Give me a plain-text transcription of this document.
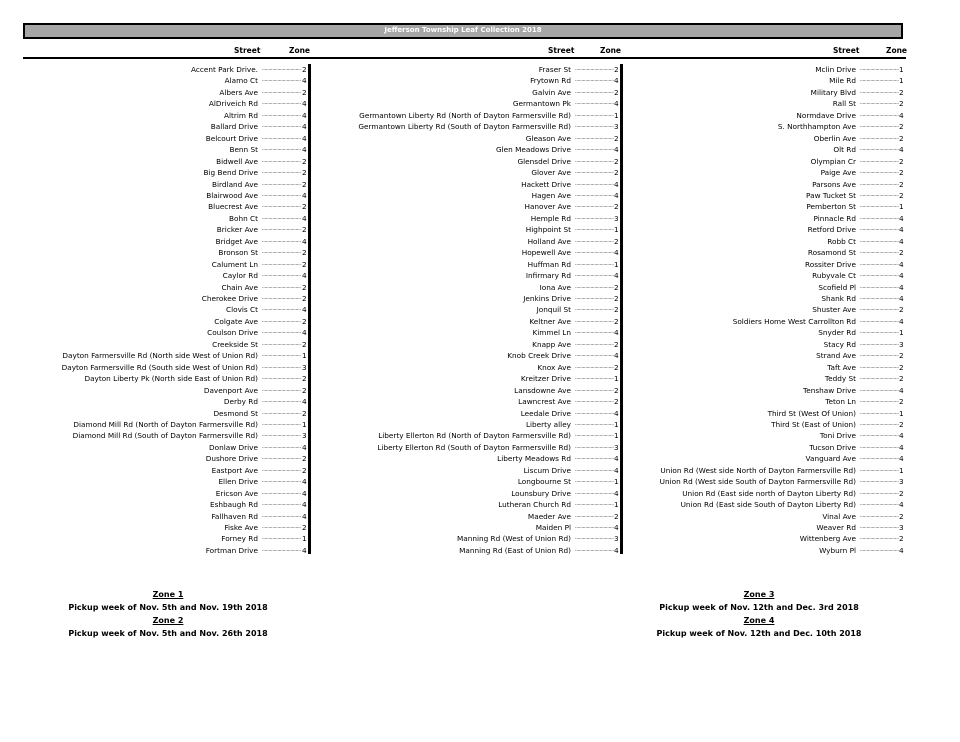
Jefferson Township Leaf Collection 2018
Street	Zone	Street	Zone	Street	Zone
Accent Park Drive. .............................. 2
Alamo Ct .............................. 4
Albers Ave .............................. 2
AlDriveich Rd .............................. 4
Altrim Rd .............................. 4
Ballard Drive .............................. 4
Belcourt Drive .............................. 4
Benn St .............................. 4
Bidwell Ave .............................. 2
Big Bend Drive .............................. 2
Birdland Ave .............................. 2
Blairwood Ave .............................. 4
Bluecrest Ave .............................. 2
Bohn Ct .............................. 4
Bricker Ave .............................. 2
Bridget Ave .............................. 4
Bronson St .............................. 2
Calument Ln .............................. 2
Caylor Rd .............................. 4
Chain Ave .............................. 2
Cherokee Drive .............................. 2
Clovis Ct .............................. 4
Colgate Ave .............................. 2
Coulson Drive .............................. 4
Creekside St .............................. 2
Dayton Farmersville Rd (North side West of Union Rd) .............................. 1
Dayton Farmersville Rd (South side West of Union Rd) .............................. 3
Dayton Liberty Pk (North side East of Union Rd) .............................. 2
Davenport Ave .............................. 2
Derby Rd .............................. 4
Desmond St .............................. 2
Diamond Mill Rd (North of Dayton Farmersville Rd) .............................. 1
Diamond Mill Rd (South of Dayton Farmersville Rd) .............................. 3
Donlaw Drive .............................. 4
Dushore Drive .............................. 2
Eastport Ave .............................. 2
Ellen Drive .............................. 4
Ericson Ave .............................. 4
Eshbaugh Rd .............................. 4
Fallhaven Rd .............................. 4
Fiske Ave .............................. 2
Forney Rd .............................. 1
Fortman Drive .............................. 4
Fraser St .............................. 2
Frytown Rd .............................. 4
Galvin Ave .............................. 2
Germantown Pk .............................. 4
Germantown Liberty Rd (North of Dayton Farmersville Rd) .............................. 1
Germantown Liberty Rd (South of Dayton Farmersville Rd) .............................. 3
Gleason Ave .............................. 2
Glen Meadows Drive .............................. 4
Glensdel Drive .............................. 2
Glover Ave .............................. 2
Hackett Drive .............................. 4
Hagen Ave .............................. 4
Hanover Ave .............................. 2
Hemple Rd .............................. 3
Highpoint St .............................. 1
Holland Ave .............................. 2
Hopewell Ave .............................. 4
Huffman Rd .............................. 1
Infirmary Rd .............................. 4
Iona Ave .............................. 2
Jenkins Drive .............................. 2
Jonquil St .............................. 2
Keltner Ave .............................. 2
Kimmel Ln .............................. 4
Knapp Ave .............................. 2
Knob Creek Drive .............................. 4
Knox Ave .............................. 2
Kreitzer Drive .............................. 1
Lansdowne Ave .............................. 2
Lawncrest Ave .............................. 2
Leedale Drive .............................. 4
Liberty alley .............................. 1
Liberty Ellerton Rd (North of Dayton Farmersville Rd) .............................. 1
Liberty Ellerton Rd (South of Dayton Farmersville Rd) .............................. 3
Liberty Meadows Rd .............................. 4
Liscum Drive .............................. 4
Longbourne St .............................. 1
Lounsbury Drive .............................. 4
Lutheran Church Rd .............................. 1
Maeder Ave .............................. 2
Maiden Pl .............................. 4
Manning Rd (West of Union Rd) .............................. 3
Manning Rd (East of Union Rd) .............................. 4
Mclin Drive .............................. 1
Mile Rd .............................. 1
Military Blvd .............................. 2
Rall St .............................. 2
Normdave Drive .............................. 4
S. Northhampton Ave .............................. 2
Oberlin Ave .............................. 2
Olt Rd .............................. 4
Olympian Cr .............................. 2
Paige Ave .............................. 2
Parsons Ave .............................. 2
Paw Tucket St .............................. 2
Pemberton St .............................. 1
Pinnacle Rd .............................. 4
Retford Drive .............................. 4
Robb Ct .............................. 4
Rosamond St .............................. 2
Rossiter Drive .............................. 4
Rubyvale Ct .............................. 4
Scofield Pl .............................. 4
Shank Rd .............................. 4
Shuster Ave .............................. 2
Soldiers Home West Carrollton Rd .............................. 4
Snyder Rd .............................. 1
Stacy Rd .............................. 3
Strand Ave .............................. 2
Taft Ave .............................. 2
Teddy St .............................. 2
Tenshaw Drive .............................. 4
Teton Ln .............................. 2
Third St (West Of Union) .............................. 1
Third St (East of Union) .............................. 2
Toni Drive .............................. 4
Tucson Drive .............................. 4
Vanguard Ave .............................. 4
Union Rd (West side North of Dayton Farmersville Rd) .............................. 1
Union Rd (West side South of Dayton Farmersville Rd) .............................. 3
Union Rd (East side north of Dayton Liberty Rd) .............................. 2
Union Rd (East side South of Dayton Liberty Rd) .............................. 4
Vinal Ave .............................. 2
Weaver Rd .............................. 3
Wittenberg Ave .............................. 2
Wyburn Pl .............................. 4
Zone 1
Pickup week of Nov. 5th and Nov. 19th 2018
Zone 2
Pickup week of Nov. 5th and Nov. 26th 2018
Zone 3
Pickup week of Nov. 12th and Dec. 3rd 2018
Zone 4
Pickup week of Nov. 12th and Dec. 10th 2018
